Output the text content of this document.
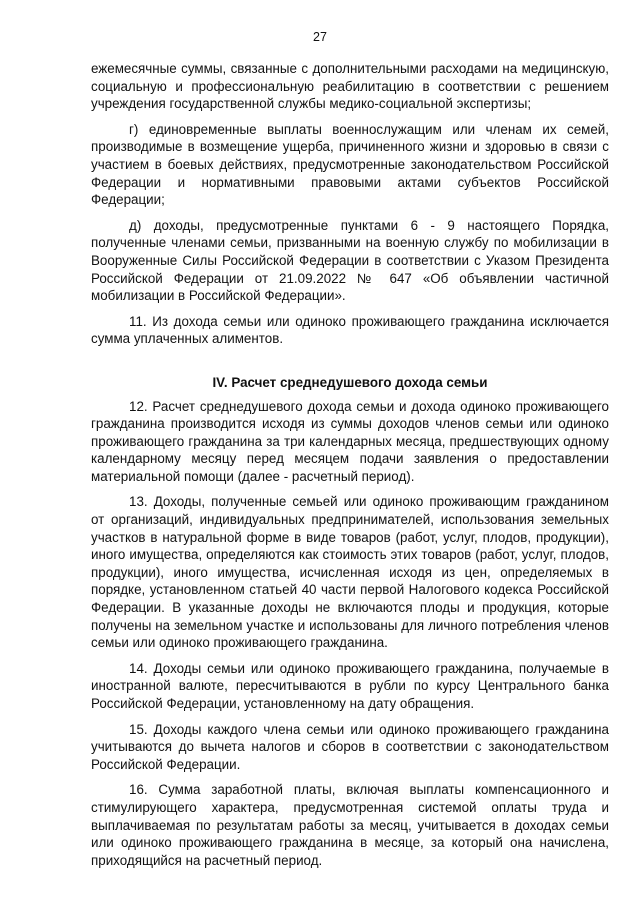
27

ежемесячные суммы, связанные с дополнительными расходами на медицинскую, социальную и профессиональную реабилитацию в соответствии с решением учреждения государственной службы медико-социальной экспертизы;

г) единовременные выплаты военнослужащим или членам их семей, производимые в возмещение ущерба, причиненного жизни и здоровью в связи с участием в боевых действиях, предусмотренные законодательством Российской Федерации и нормативными правовыми актами субъектов Российской Федерации;

д) доходы, предусмотренные пунктами 6 - 9 настоящего Порядка, полученные членами семьи, призванными на военную службу по мобилизации в Вооруженные Силы Российской Федерации в соответствии с Указом Президента Российской Федерации от 21.09.2022 № 647 «Об объявлении частичной мобилизации в Российской Федерации».

11. Из дохода семьи или одиноко проживающего гражданина исключается сумма уплаченных алиментов.

IV. Расчет среднедушевого дохода семьи

12. Расчет среднедушевого дохода семьи и дохода одиноко проживающего гражданина производится исходя из суммы доходов членов семьи или одиноко проживающего гражданина за три календарных месяца, предшествующих одному календарному месяцу перед месяцем подачи заявления о предоставлении материальной помощи (далее - расчетный период).

13. Доходы, полученные семьей или одиноко проживающим гражданином от организаций, индивидуальных предпринимателей, использования земельных участков в натуральной форме в виде товаров (работ, услуг, плодов, продукции), иного имущества, определяются как стоимость этих товаров (работ, услуг, плодов, продукции), иного имущества, исчисленная исходя из цен, определяемых в порядке, установленном статьей 40 части первой Налогового кодекса Российской Федерации. В указанные доходы не включаются плоды и продукция, которые получены на земельном участке и использованы для личного потребления членов семьи или одиноко проживающего гражданина.

14. Доходы семьи или одиноко проживающего гражданина, получаемые в иностранной валюте, пересчитываются в рубли по курсу Центрального банка Российской Федерации, установленному на дату обращения.

15. Доходы каждого члена семьи или одиноко проживающего гражданина учитываются до вычета налогов и сборов в соответствии с законодательством Российской Федерации.

16. Сумма заработной платы, включая выплаты компенсационного и стимулирующего характера, предусмотренная системой оплаты труда и выплачиваемая по результатам работы за месяц, учитывается в доходах семьи или одиноко проживающего гражданина в месяце, за который она начислена, приходящийся на расчетный период.
